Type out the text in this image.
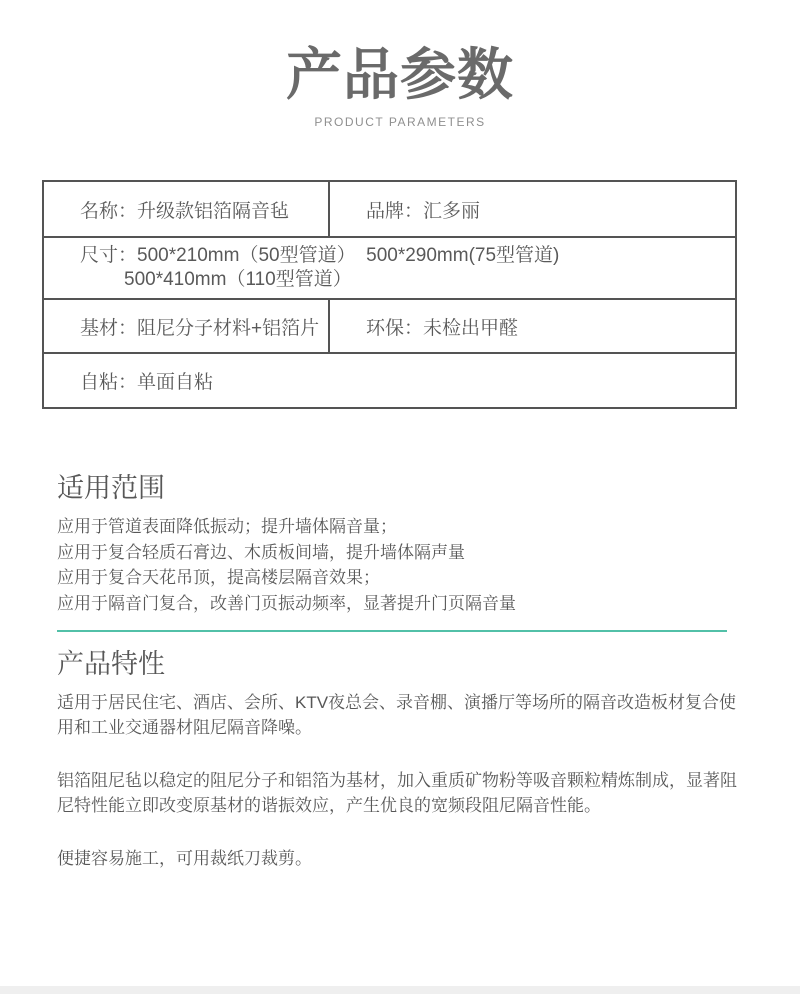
产品参数
PRODUCT PARAMETERS
名称：升级款铝箔隔音毡	品牌：汇多丽
尺寸：500*210mm（50型管道）  500*290mm(75型管道)
500*410mm（110型管道）
基材：阻尼分子材料+铝箔片	环保：未检出甲醛
自粘：单面自粘
适用范围
应用于管道表面降低振动；提升墙体隔音量；
应用于复合轻质石膏边、木质板间墙，提升墙体隔声量
应用于复合天花吊顶，提高楼层隔音效果；
应用于隔音门复合，改善门页振动频率，显著提升门页隔音量
产品特性

适用于居民住宅、酒店、会所、KTV夜总会、录音棚、演播厅等场所的隔音改造板材复合使用和工业交通器材阻尼隔音降噪。

铝箔阻尼毡以稳定的阻尼分子和铝箔为基材，加入重质矿物粉等吸音颗粒精炼制成，显著阻尼特性能立即改变原基材的谐振效应，产生优良的宽频段阻尼隔音性能。

便捷容易施工，可用裁纸刀裁剪。
